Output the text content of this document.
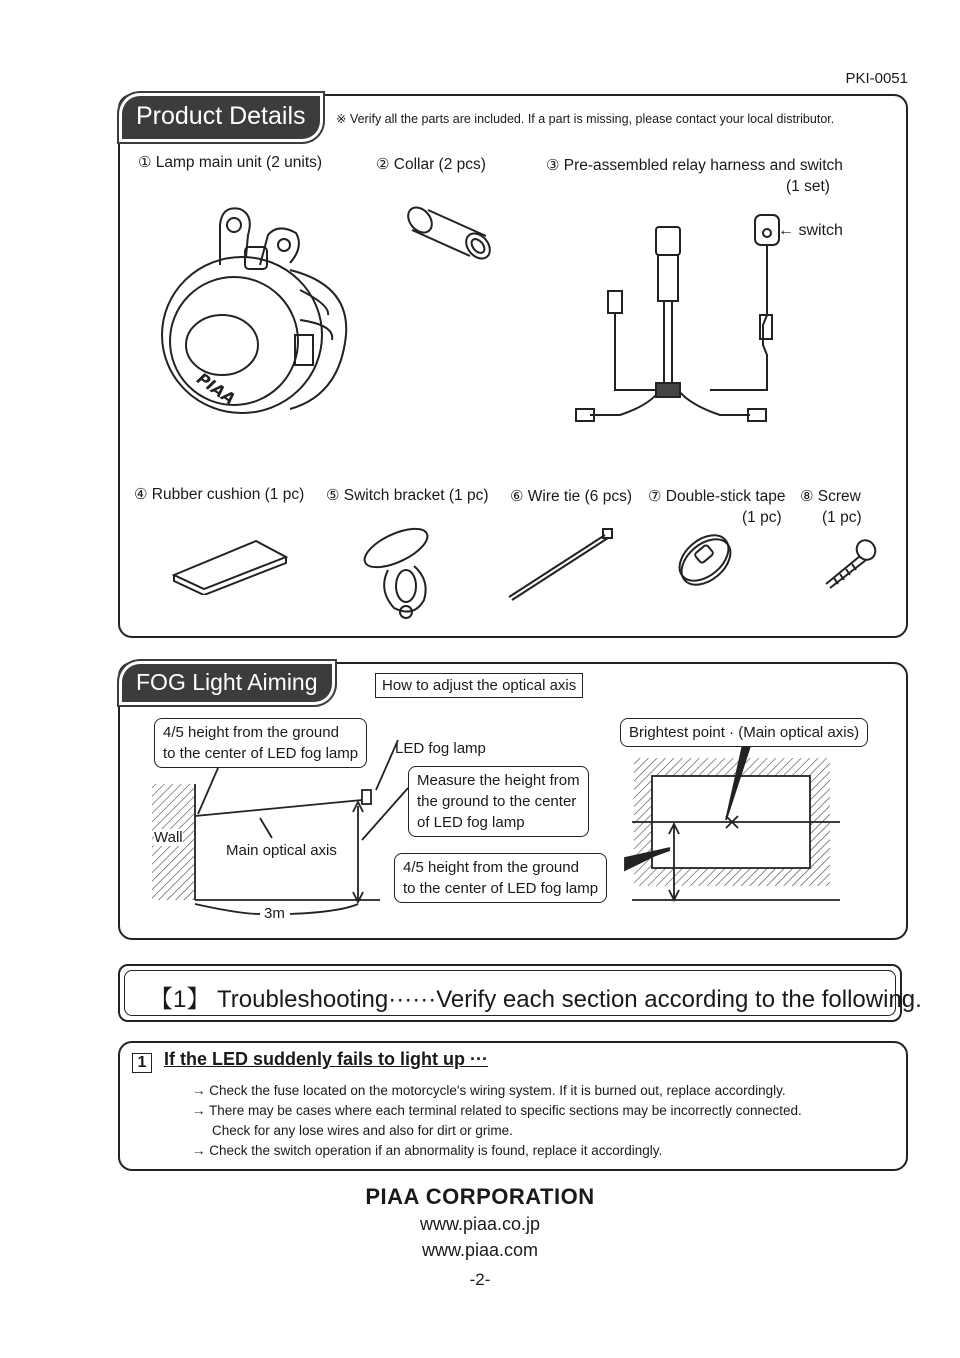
PKI-0051
Product Details	※ Verify all the parts are included. If a part is missing, please contact your local distributor.
① Lamp main unit (2 units)	② Collar (2 pcs)	③ Pre-assembled relay harness and switch
(1 set)
④ Rubber cushion (1 pc) ⑤ Switch bracket (1 pc) ⑥ Wire tie (6 pcs) ⑦ Double-stick tape
(1 pc)
⑧ Screw
(1 pc)
PIAA
← switch
FOG Light Aiming	How to adjust the optical axis
4/5 height from the ground
to the center of LED fog lamp LED fog lamp
Measure the height from
the ground to the center
of LED fog lamp
Wall
Main optical axis
3m
4/5 height from the ground
to the center of LED fog lamp
Brightest point · (Main optical axis)
【1】 Troubleshooting······Verify each section according to the following.
1 If the LED suddenly fails to light up ···
→ Check the fuse located on the motorcycle's wiring system. If it is burned out, replace accordingly.
→ There may be cases where each terminal related to specific sections may be incorrectly connected.
Check for any lose wires and also for dirt or grime.
→ Check the switch operation if an abnormality is found, replace it accordingly.
PIAA CORPORATION
www.piaa.co.jp
www.piaa.com
-2-
